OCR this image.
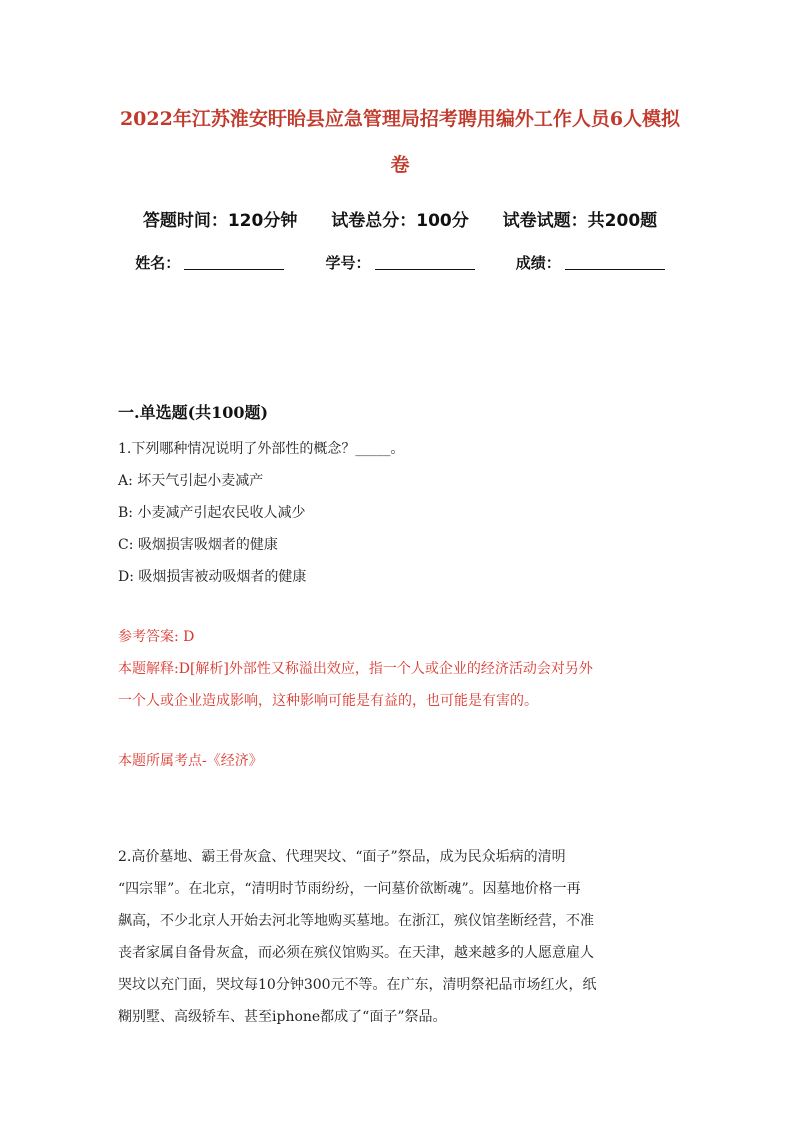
2022年江苏淮安盱眙县应急管理局招考聘用编外工作人员6人模拟
卷
答题时间：120分钟 试卷总分：100分 试卷试题：共200题
姓名：	学号：	成绩：
一.单选题(共100题)
1.下列哪种情况说明了外部性的概念？_____。
A: 坏天气引起小麦减产
B: 小麦减产引起农民收人减少
C: 吸烟损害吸烟者的健康
D: 吸烟损害被动吸烟者的健康
参考答案: D
本题解释:D[解析]外部性又称溢出效应，指一个人或企业的经济活动会对另外
一个人或企业造成影响，这种影响可能是有益的，也可能是有害的。
本题所属考点-《经济》
2.高价墓地、霸王骨灰盒、代理哭坟、“面子”祭品，成为民众垢病的清明
“四宗罪”。在北京，“清明时节雨纷纷，一问墓价欲断魂”。因墓地价格一再
飙高，不少北京人开始去河北等地购买墓地。在浙江，殡仪馆垄断经营，不准
丧者家属自备骨灰盒，而必须在殡仪馆购买。在天津，越来越多的人愿意雇人
哭坟以充门面，哭坟每10分钟300元不等。在广东，清明祭祀品市场红火，纸
糊别墅、高级轿车、甚至iphone都成了“面子”祭品。
